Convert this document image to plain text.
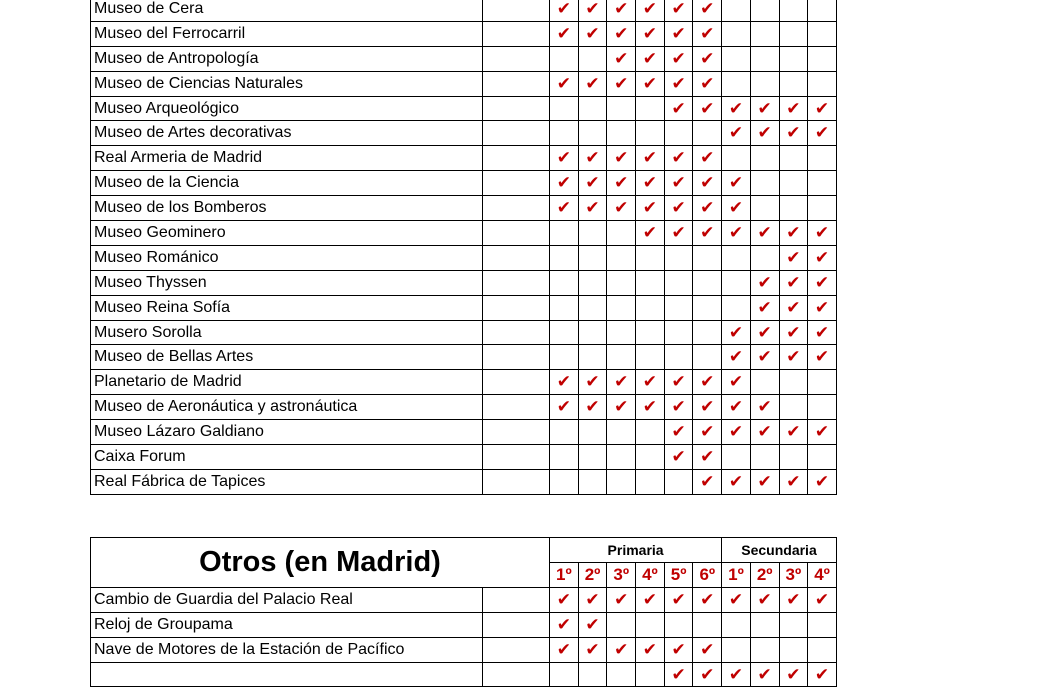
Museo de Cera		✔	✔	✔	✔	✔	✔				
Museo del Ferrocarril		✔	✔	✔	✔	✔	✔				
Museo de Antropología				✔	✔	✔	✔				
Museo de Ciencias Naturales		✔	✔	✔	✔	✔	✔				
Museo Arqueológico						✔	✔	✔	✔	✔	✔
Museo de Artes decorativas								✔	✔	✔	✔
Real Armeria de Madrid		✔	✔	✔	✔	✔	✔				
Museo de la Ciencia		✔	✔	✔	✔	✔	✔	✔			
Museo de los Bomberos		✔	✔	✔	✔	✔	✔	✔			
Museo Geominero					✔	✔	✔	✔	✔	✔	✔
Museo Románico										✔	✔
Museo Thyssen									✔	✔	✔
Museo Reina Sofía									✔	✔	✔
Musero Sorolla								✔	✔	✔	✔
Museo de Bellas Artes								✔	✔	✔	✔
Planetario de Madrid		✔	✔	✔	✔	✔	✔	✔			
Museo de Aeronáutica y astronáutica		✔	✔	✔	✔	✔	✔	✔	✔		
Museo Lázaro Galdiano						✔	✔	✔	✔	✔	✔
Caixa Forum						✔	✔				
Real Fábrica de Tapices							✔	✔	✔	✔	✔
Otros (en Madrid)		Primaria						Secundaria			
		1º	2º	3º	4º	5º	6º	1º	2º	3º	4º
Cambio de Guardia del Palacio Real		✔	✔	✔	✔	✔	✔	✔	✔	✔	✔
Reloj de Groupama		✔	✔								
Nave de Motores de la Estación de Pacífico		✔	✔	✔	✔	✔	✔				
						✔	✔	✔	✔	✔	✔
